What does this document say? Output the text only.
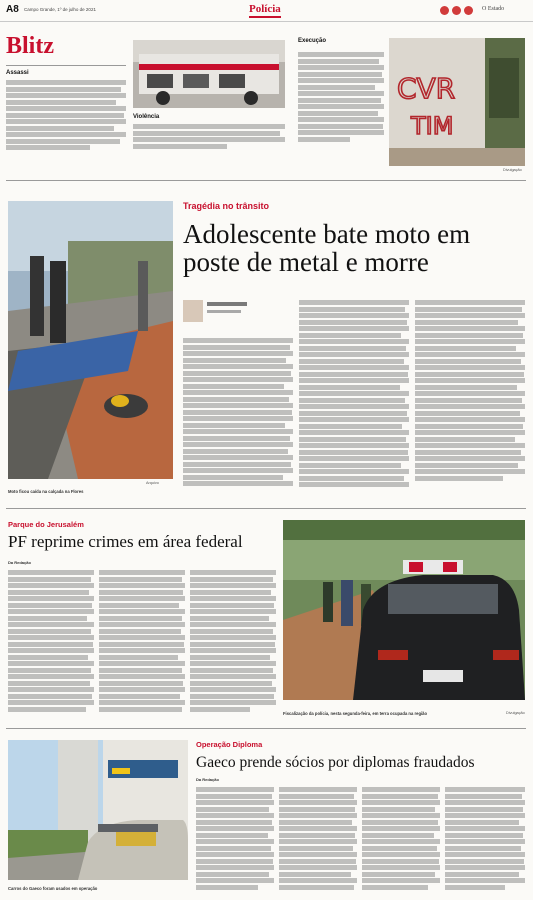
A8 Campo Grande, 1º de julho de 2021	Polícia	O Estado
Blitz
Assassi
Violência
Execução
CVR
TIM
Divulgação
Arquivo
Moto ficou caída na calçada na Flores
Tragédia no trânsito
Adolescente bate moto em
poste de metal e morre
Parque do Jerusalém
PF reprime crimes em área federal
Da Redação
Fiscalização da polícia, nesta segunda-feira, em terra ocupada na região	Divulgação
Carros do Gaeco foram usados em operação
Operação Diploma
Gaeco prende sócios por diplomas fraudados
Da Redação
